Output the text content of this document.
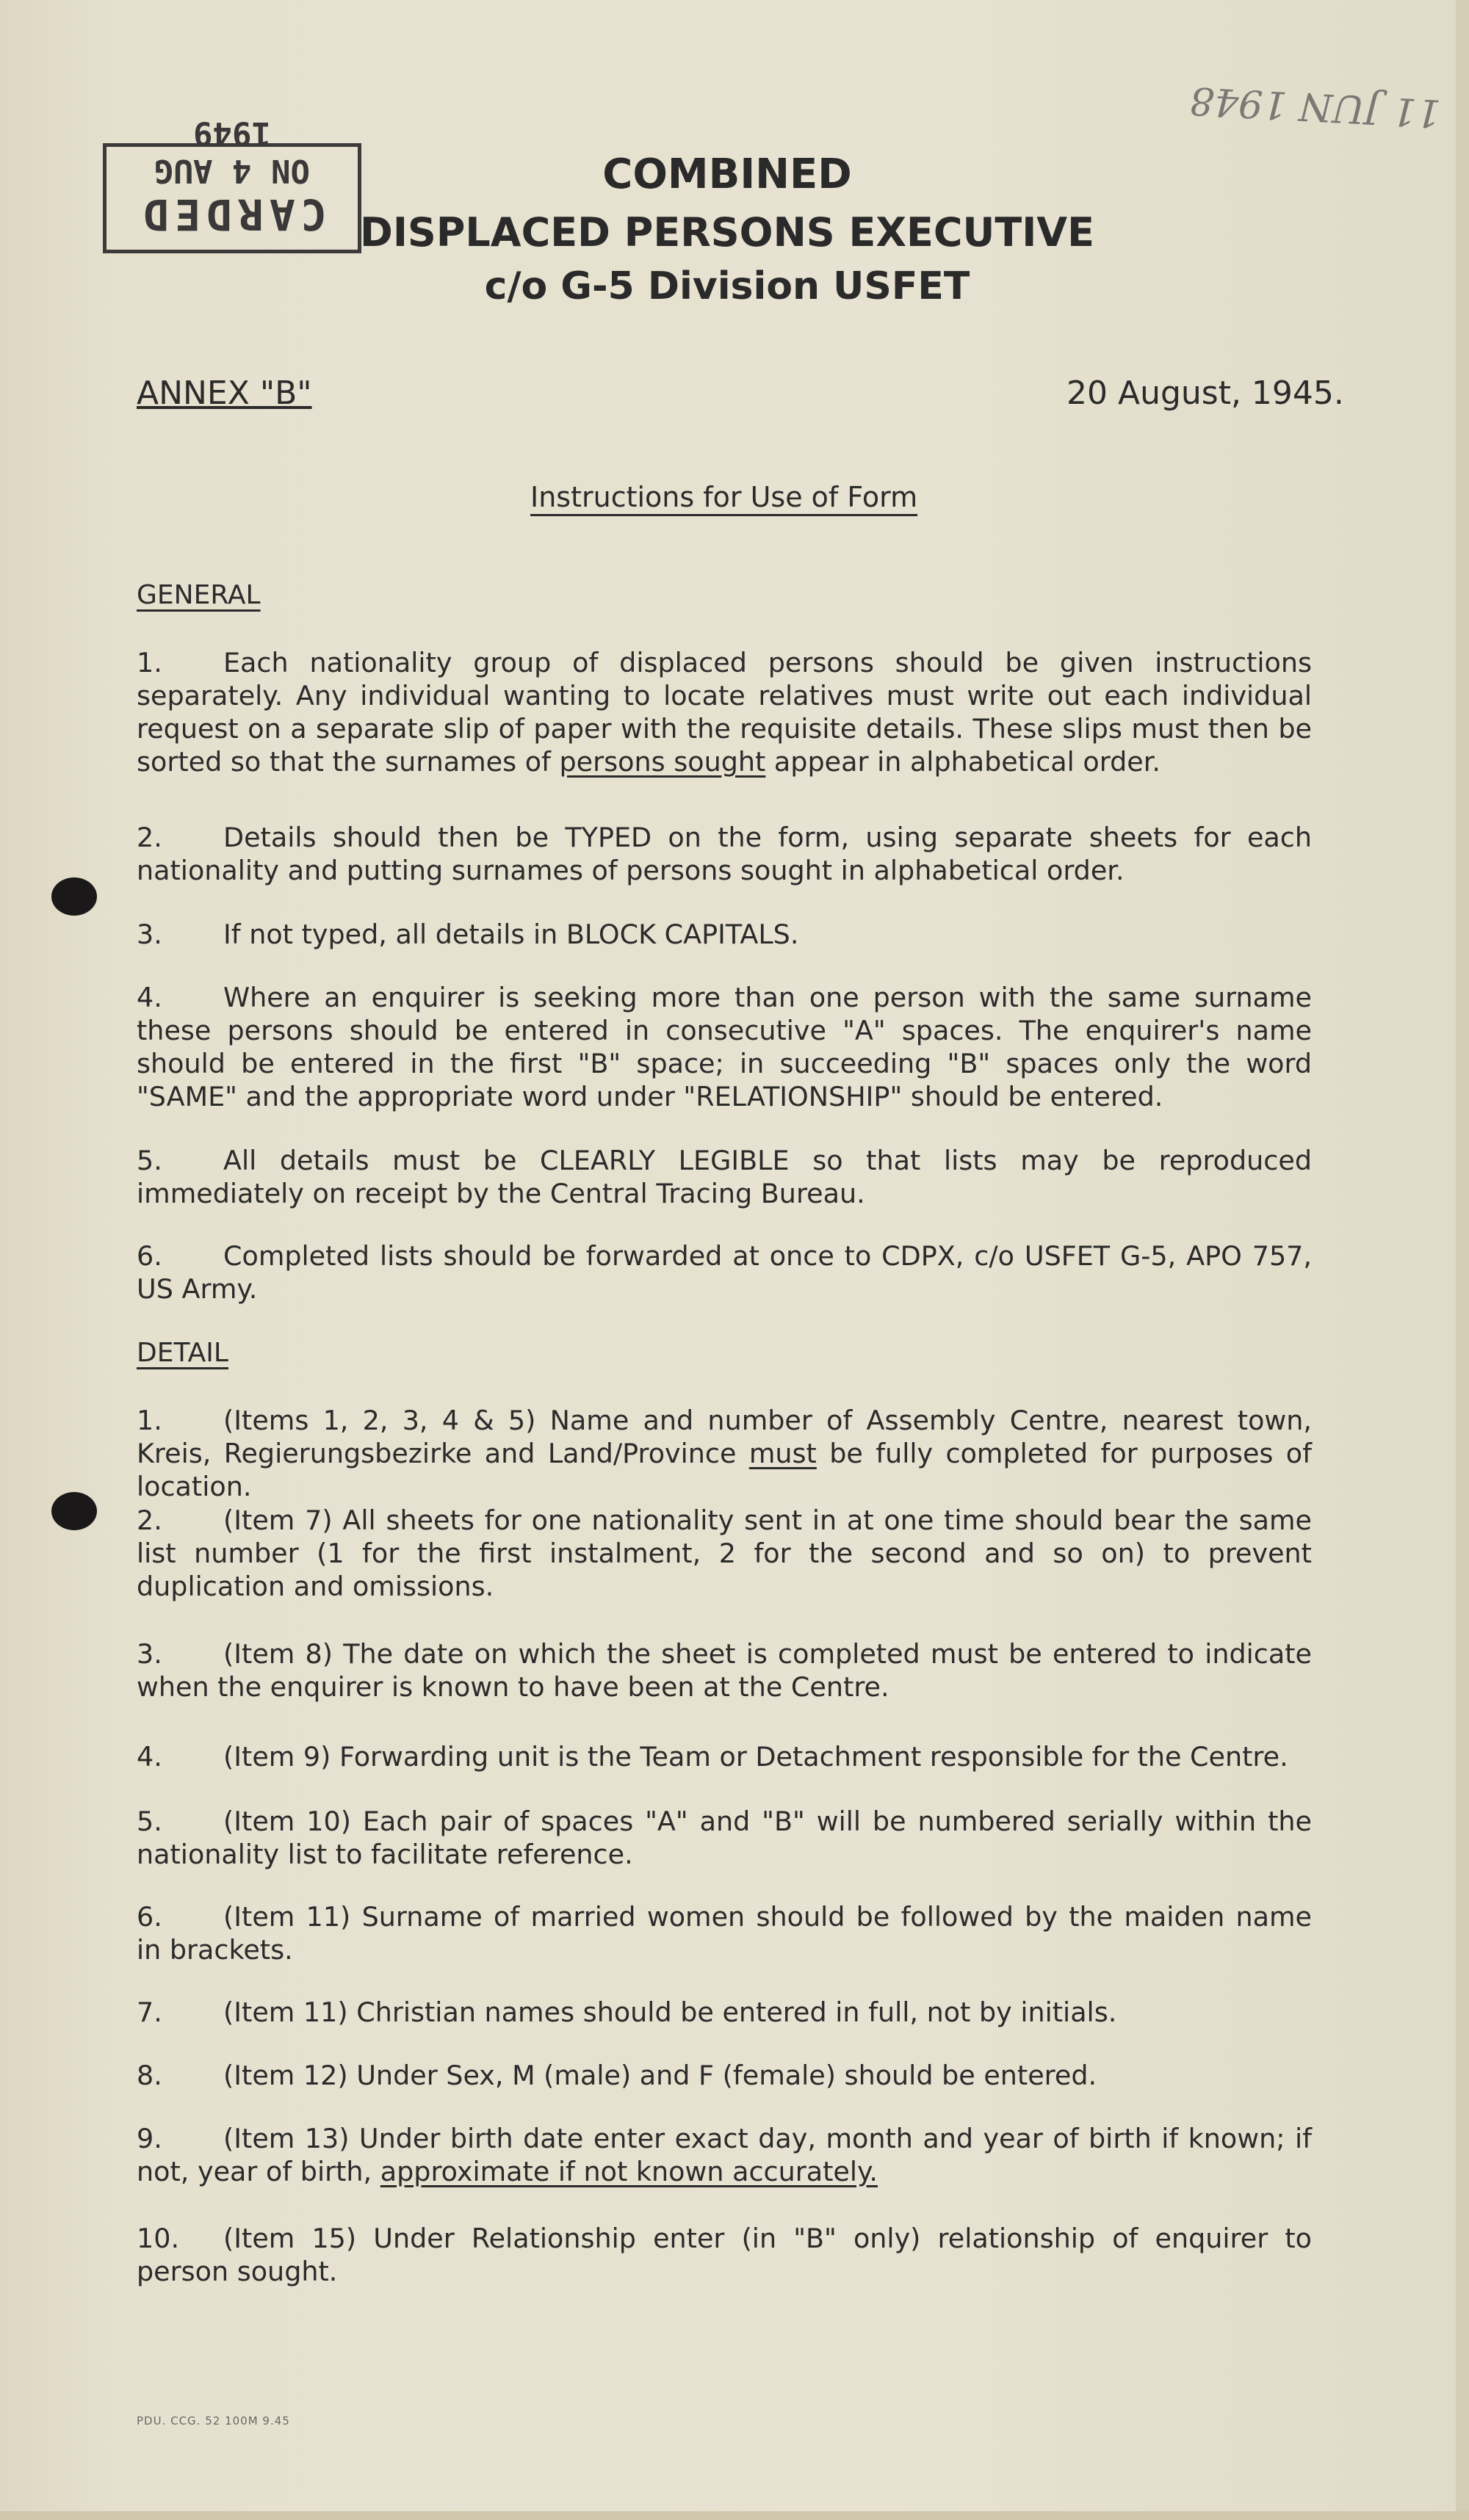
CARDED
ON 4 AUG 1949	11 JUN 1948
COMBINED
DISPLACED PERSONS EXECUTIVE
c/o G-5 Division USFET
ANNEX "B"	20 August, 1945.
Instructions for Use of Form
GENERAL
1. Each nationality group of displaced persons should be given instructions separately. Any individual wanting to locate relatives must write out each individual request on a separate slip of paper with the requisite details. These slips must then be sorted so that the surnames of persons sought appear in alphabetical order.
2. Details should then be TYPED on the form, using separate sheets for each nationality and putting surnames of persons sought in alphabetical order.
3. If not typed, all details in BLOCK CAPITALS.
4. Where an enquirer is seeking more than one person with the same surname these persons should be entered in consecutive "A" spaces. The enquirer's name should be entered in the first "B" space; in succeeding "B" spaces only the word "SAME" and the appropriate word under "RELATIONSHIP" should be entered.
5. All details must be CLEARLY LEGIBLE so that lists may be reproduced immediately on receipt by the Central Tracing Bureau.
6. Completed lists should be forwarded at once to CDPX, c/o USFET G-5, APO 757, US Army.
DETAIL
1. (Items 1, 2, 3, 4 & 5) Name and number of Assembly Centre, nearest town, Kreis, Regierungsbezirke and Land/Province must be fully completed for purposes of location.
2. (Item 7) All sheets for one nationality sent in at one time should bear the same list number (1 for the first instalment, 2 for the second and so on) to prevent duplication and omissions.
3. (Item 8) The date on which the sheet is completed must be entered to indicate when the enquirer is known to have been at the Centre.
4. (Item 9) Forwarding unit is the Team or Detachment responsible for the Centre.
5. (Item 10) Each pair of spaces "A" and "B" will be numbered serially within the nationality list to facilitate reference.
6. (Item 11) Surname of married women should be followed by the maiden name in brackets.
7. (Item 11) Christian names should be entered in full, not by initials.
8. (Item 12) Under Sex, M (male) and F (female) should be entered.
9. (Item 13) Under birth date enter exact day, month and year of birth if known; if not, year of birth, approximate if not known accurately.
10. (Item 15) Under Relationship enter (in "B" only) relationship of enquirer to person sought.
PDU. CCG. 52 100M 9.45
